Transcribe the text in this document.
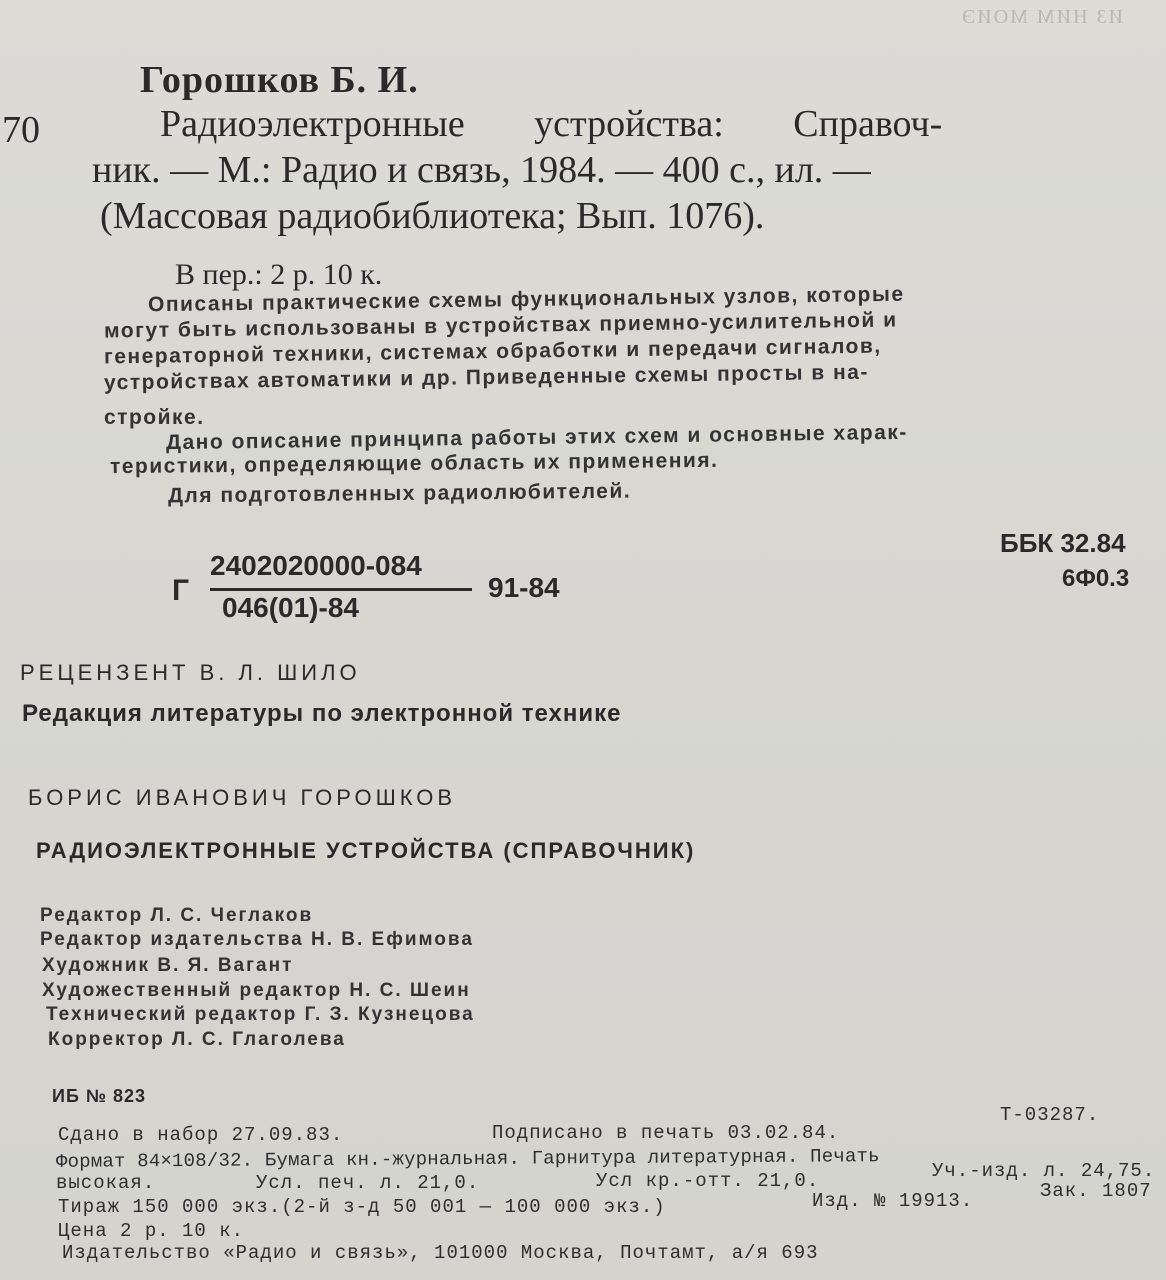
ИЗ НИМ МОИЭ
Горошков Б. И.
70	Радиоэлектронные устройства: Справоч-
ник. — М.: Радио и связь, 1984. — 400 с., ил. —
(Массовая радиобиблиотека; Вып. 1076).
В пер.: 2 р. 10 к.
Описаны практические схемы функциональных узлов, которые
могут быть использованы в устройствах приемно-усилительной и
генераторной техники, системах обработки и передачи сигналов,
устройствах автоматики и др. Приведенные схемы просты в на-
стройке.
Дано описание принципа работы этих схем и основные харак-
теристики, определяющие область их применения.
Для подготовленных радиолюбителей.
ББК 32.84
6Ф0.3
Г
2402020000-084
046(01)-84
91-84
РЕЦЕНЗЕНТ В. Л. ШИЛО
Редакция литературы по электронной технике
БОРИС ИВАНОВИЧ ГОРОШКОВ
РАДИОЭЛЕКТРОННЫЕ УСТРОЙСТВА (СПРАВОЧНИК)
Редактор Л. С. Чеглаков
Редактор издательства Н. В. Ефимова
Художник В. Я. Вагант
Художественный редактор Н. С. Шеин
Технический редактор Г. З. Кузнецова
Корректор Л. С. Глаголева
ИБ № 823
Сдано в набор 27.09.83.	Подписано в печать 03.02.84.
Т-03287.
Формат 84×108/32. Бумага кн.-журнальная. Гарнитура литературная. Печать
высокая.	Усл. печ. л. 21,0.	Усл кр.-отт. 21,0.	Уч.-изд. л. 24,75.
Тираж 150 000 экз.(2-й з-д 50 001 — 100 000 экз.)	Изд. № 19913.	Зак. 1807
Цена 2 р. 10 к.
Издательство «Радио и связь», 101000 Москва, Почтамт, а/я 693
